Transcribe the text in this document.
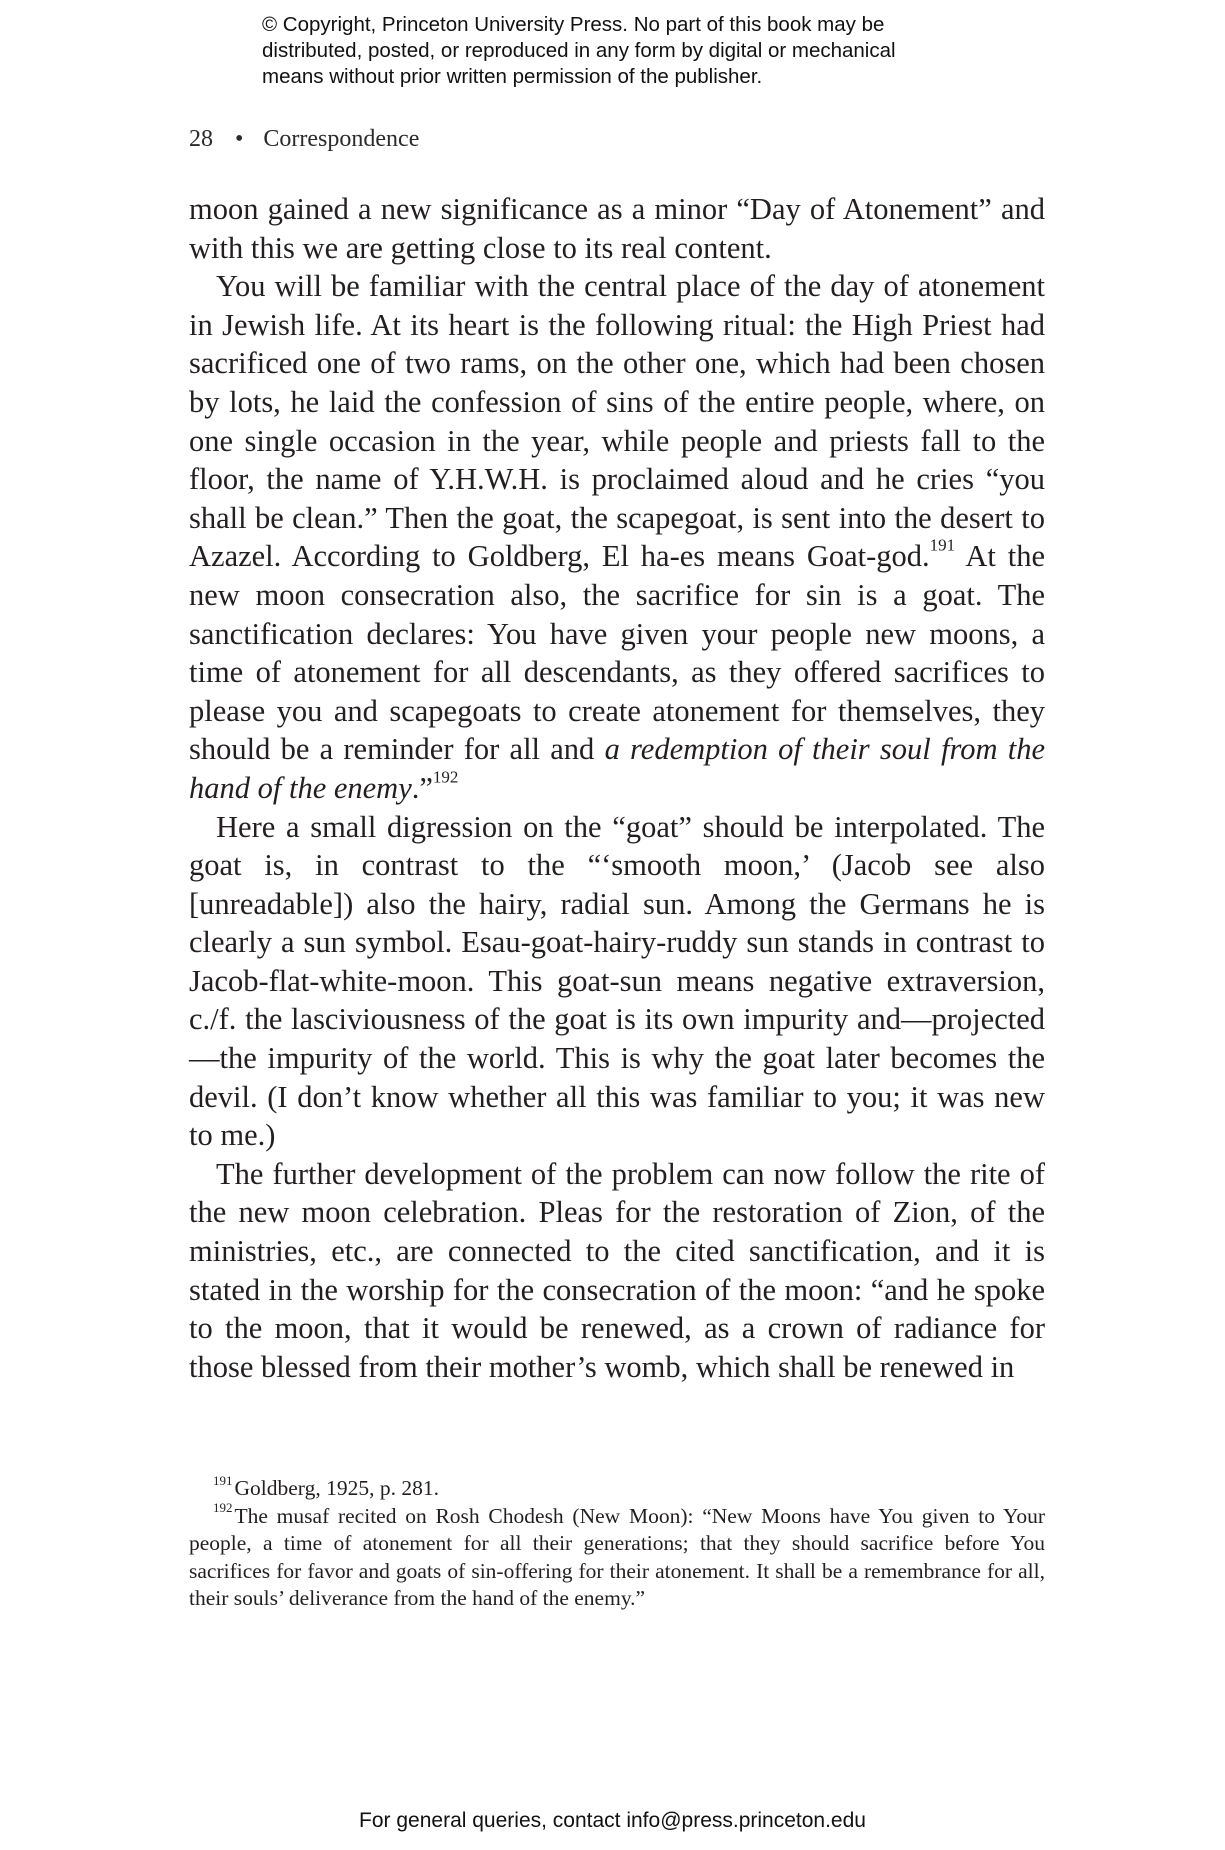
© Copyright, Princeton University Press. No part of this book may be
distributed, posted, or reproduced in any form by digital or mechanical
means without prior written permission of the publisher.
28 • Correspondence

moon gained a new significance as a minor “Day of Atonement” and with this we are getting close to its real content.

You will be familiar with the central place of the day of atonement in Jewish life. At its heart is the following ritual: the High Priest had sacrificed one of two rams, on the other one, which had been chosen by lots, he laid the confession of sins of the entire people, where, on one single occasion in the year, while people and priests fall to the floor, the name of Y.H.W.H. is proclaimed aloud and he cries “you shall be clean.” Then the goat, the scapegoat, is sent into the desert to Azazel. According to Goldberg, El ha-es means Goat-god.$^{191}$ At the new moon consecration also, the sacrifice for sin is a goat. The sanctification declares: You have given your people new moons, a time of atonement for all descendants, as they offered sacrifices to please you and scapegoats to create atonement for themselves, they should be a reminder for all and a redemption of their soul from the hand of the enemy.”$^{192}$

Here a small digression on the “goat” should be interpolated. The goat is, in contrast to the “‘smooth moon,’ (Jacob see also [unreadable]) also the hairy, radial sun. Among the Germans he is clearly a sun symbol. Esau-goat-hairy-ruddy sun stands in contrast to Jacob-flat-white-moon. This goat-sun means negative extraversion, c./f. the lasciviousness of the goat is its own impurity and—projected—the impurity of the world. This is why the goat later becomes the devil. (I don’t know whether all this was familiar to you; it was new to me.)

The further development of the problem can now follow the rite of the new moon celebration. Pleas for the restoration of Zion, of the ministries, etc., are connected to the cited sanctification, and it is stated in the worship for the consecration of the moon: “and he spoke to the moon, that it would be renewed, as a crown of radiance for those blessed from their mother’s womb, which shall be renewed in

$^{191}$Goldberg, 1925, p. 281.

$^{192}$The musaf recited on Rosh Chodesh (New Moon): “New Moons have You given to Your people, a time of atonement for all their generations; that they should sacrifice before You sacrifices for favor and goats of sin-offering for their atonement. It shall be a remembrance for all, their souls’ deliverance from the hand of the enemy.”

For general queries, contact info@press.princeton.edu
